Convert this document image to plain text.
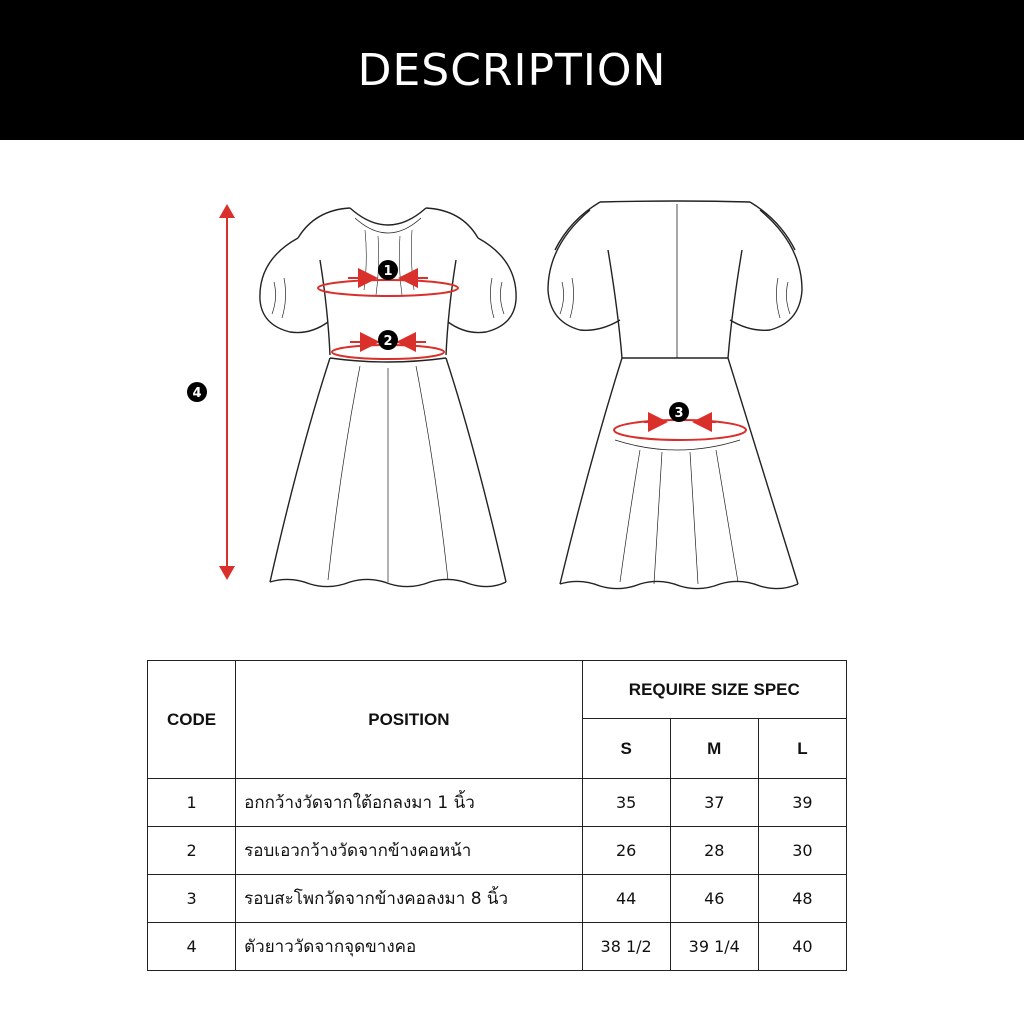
DESCRIPTION
1
2
3
4
CODE	POSITION	REQUIRE SIZE SPEC		
		S	M	L
1	อกกว้างวัดจากใต้อกลงมา 1 นิ้ว	35	37	39
2	รอบเอวกว้างวัดจากข้างคอหน้า	26	28	30
3	รอบสะโพกวัดจากข้างคอลงมา 8 นิ้ว	44	46	48
4	ตัวยาววัดจากจุดขางคอ	38 1/2	39 1/4	40
